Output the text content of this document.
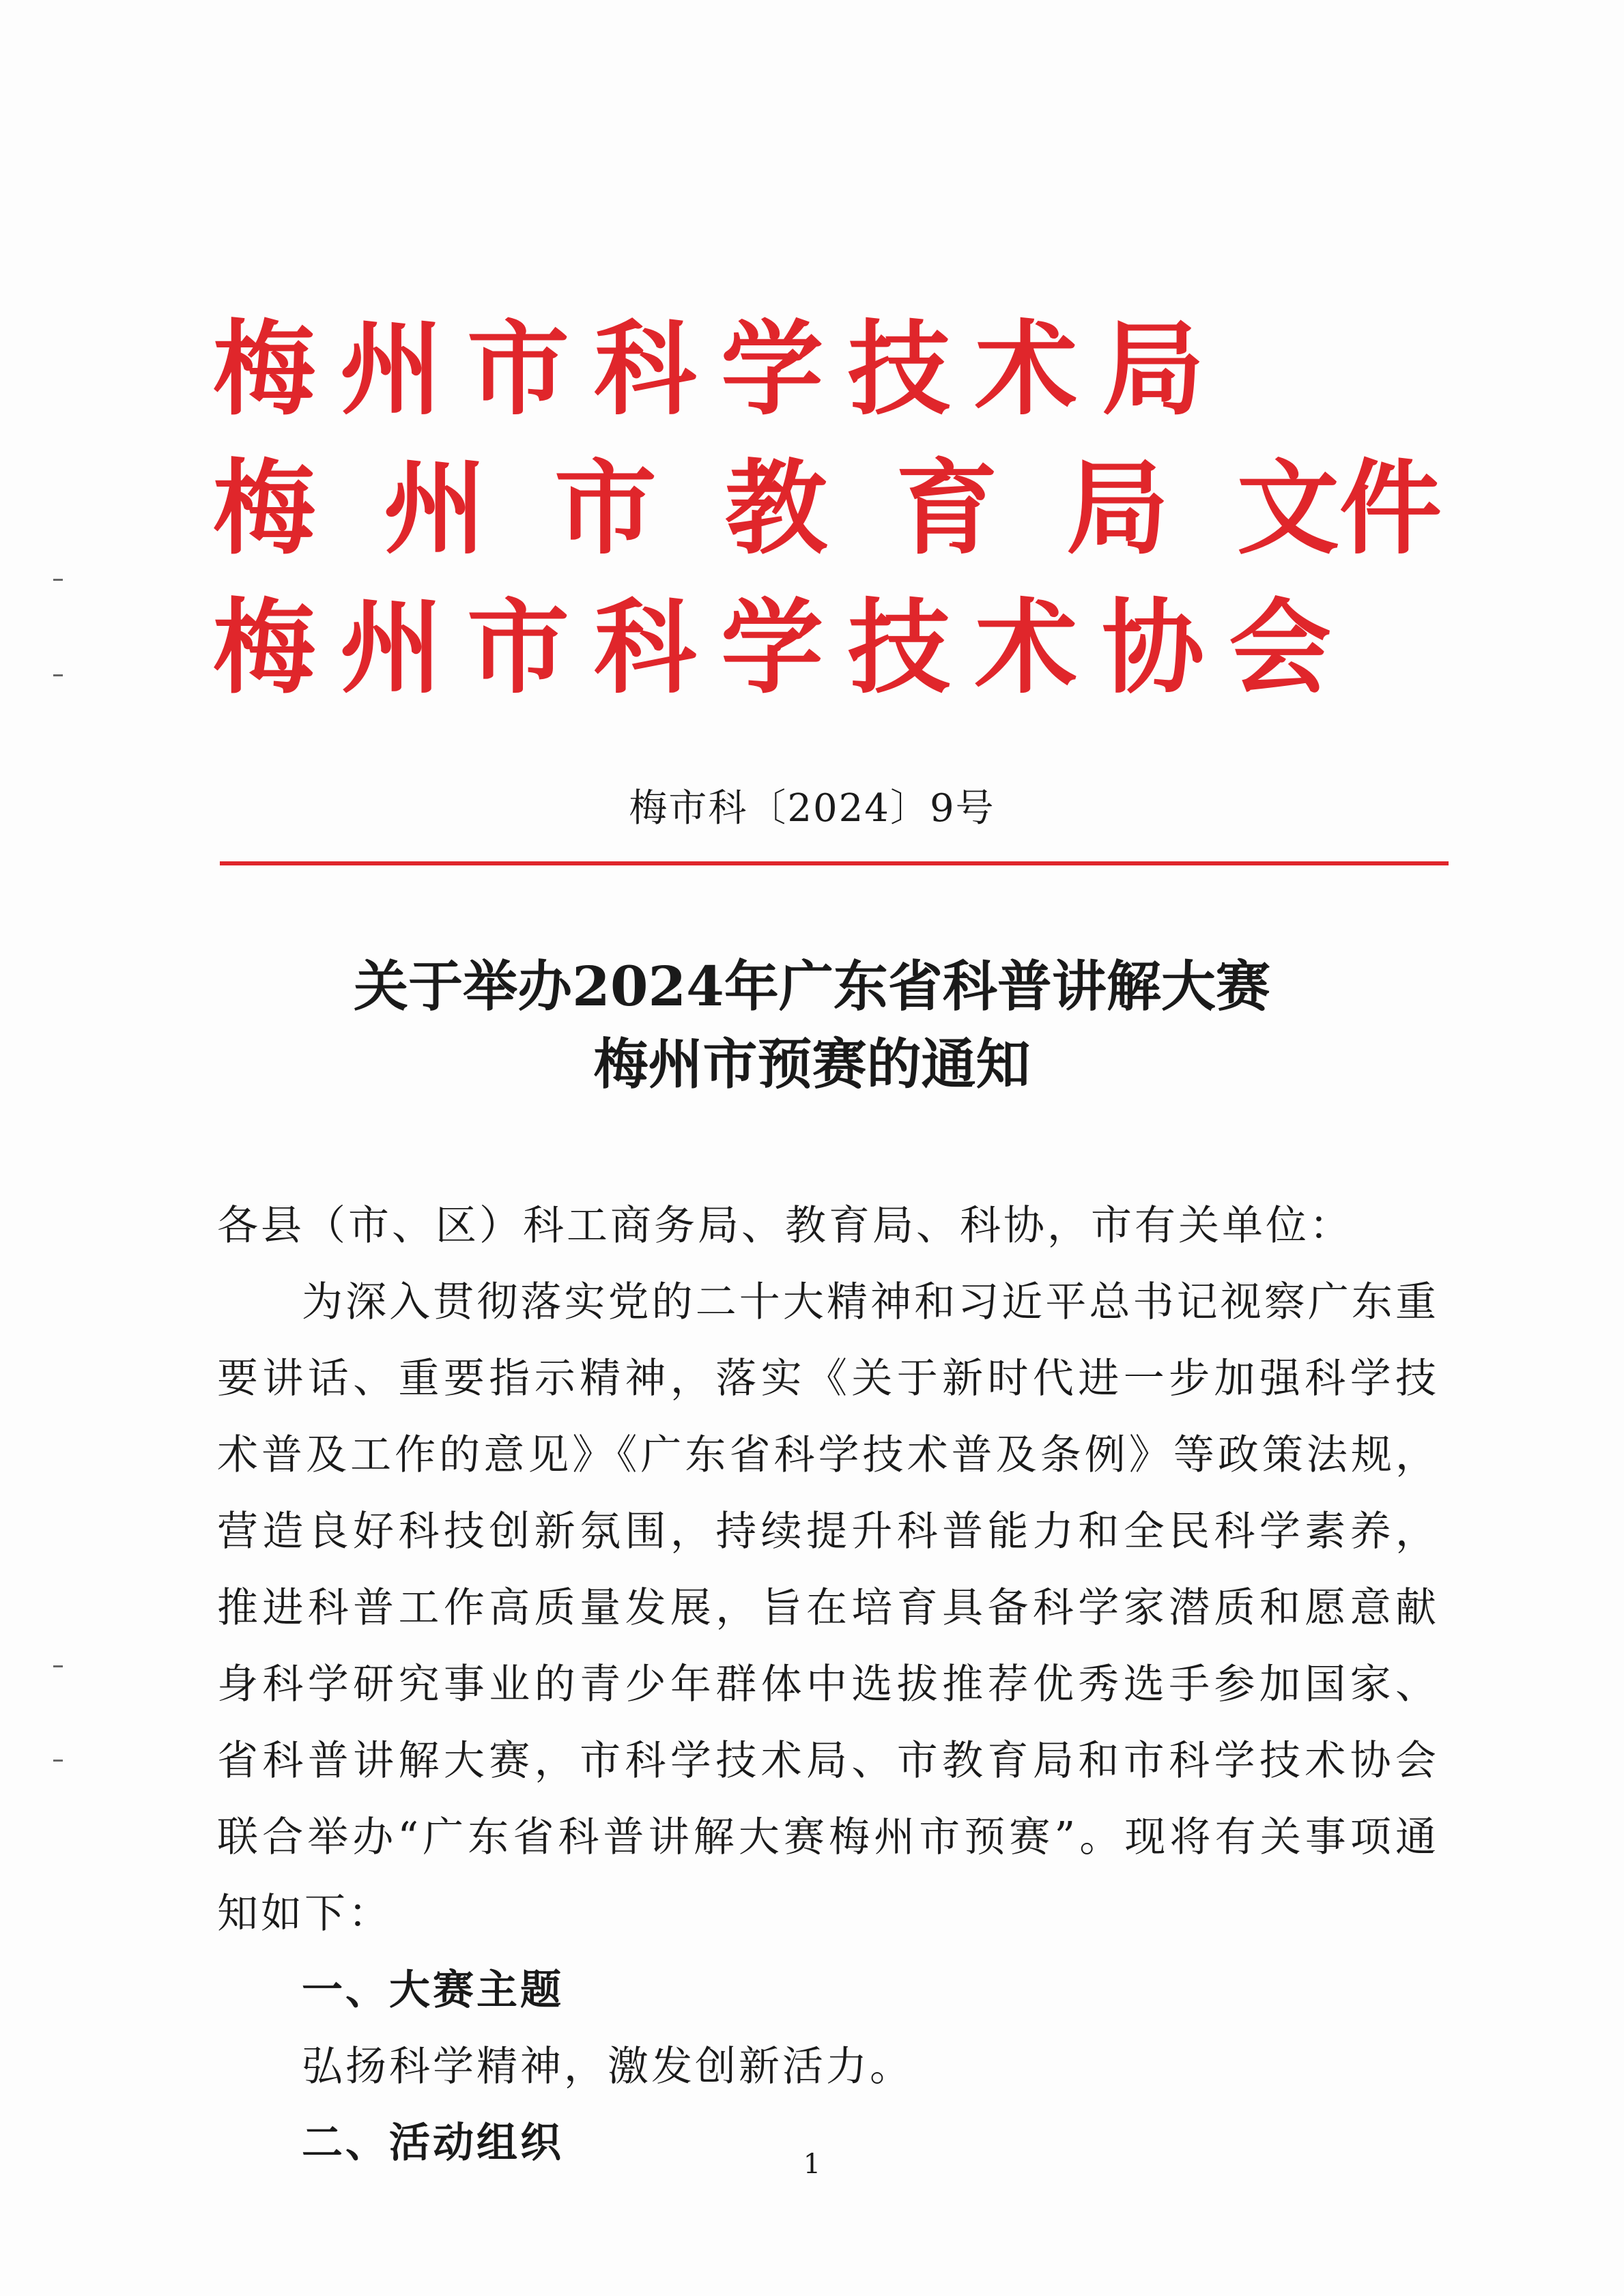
梅州市科学技术局
梅 州 市 教 育 局 文件
梅州市科学技术协会
梅市科〔2024〕9号
关于举办2024年广东省科普讲解大赛
梅州市预赛的通知

各县（市、区）科工商务局、教育局、科协，市有关单位：

为深入贯彻落实党的二十大精神和习近平总书记视察广东重要讲话、重要指示精神，落实《关于新时代进一步加强科学技术普及工作的意见》《广东省科学技术普及条例》等政策法规，营造良好科技创新氛围，持续提升科普能力和全民科学素养，推进科普工作高质量发展，旨在培育具备科学家潜质和愿意献身科学研究事业的青少年群体中选拔推荐优秀选手参加国家、省科普讲解大赛，市科学技术局、市教育局和市科学技术协会联合举办“广东省科普讲解大赛梅州市预赛”。现将有关事项通知如下：

一、大赛主题

弘扬科学精神，激发创新活力。

二、活动组织	1
